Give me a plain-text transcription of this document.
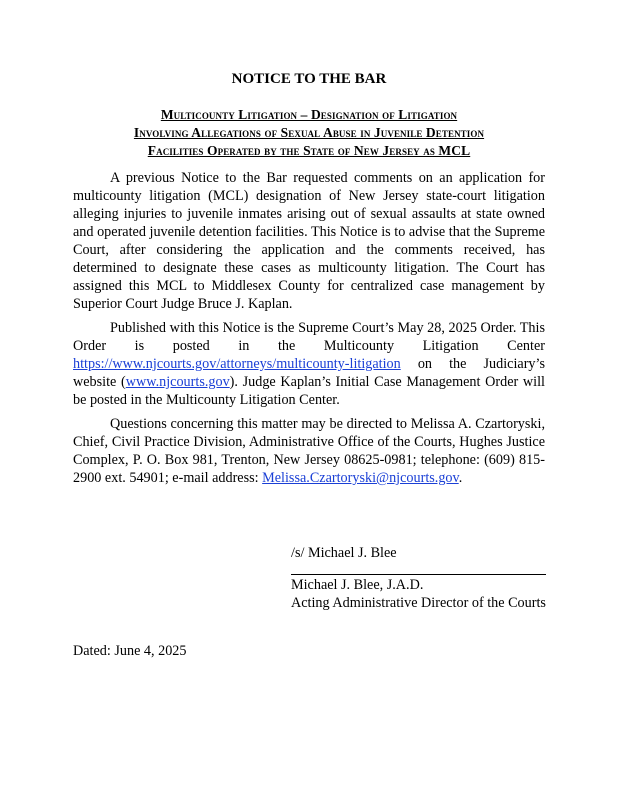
NOTICE TO THE BAR
Multicounty Litigation – Designation of Litigation
Involving Allegations of Sexual Abuse in Juvenile Detention
Facilities Operated by the State of New Jersey as MCL

A previous Notice to the Bar requested comments on an application for multicounty litigation (MCL) designation of New Jersey state-court litigation alleging injuries to juvenile inmates arising out of sexual assaults at state owned and operated juvenile detention facilities. This Notice is to advise that the Supreme Court, after considering the application and the comments received, has determined to designate these cases as multicounty litigation. The Court has assigned this MCL to Middlesex County for centralized case management by Superior Court Judge Bruce J. Kaplan.

Published with this Notice is the Supreme Court’s May 28, 2025 Order. This Order is posted in the Multicounty Litigation Center https://www.njcourts.gov/attorneys/multicounty-litigation on the Judiciary’s website (www.njcourts.gov). Judge Kaplan’s Initial Case Management Order will be posted in the Multicounty Litigation Center.

Questions concerning this matter may be directed to Melissa A. Czartoryski, Chief, Civil Practice Division, Administrative Office of the Courts, Hughes Justice Complex, P. O. Box 981, Trenton, New Jersey 08625-0981; telephone: (609) 815-2900 ext. 54901; e-mail address: Melissa.Czartoryski@njcourts.gov.

/s/ Michael J. Blee
Michael J. Blee, J.A.D.
Acting Administrative Director of the Courts
Dated: June 4, 2025
